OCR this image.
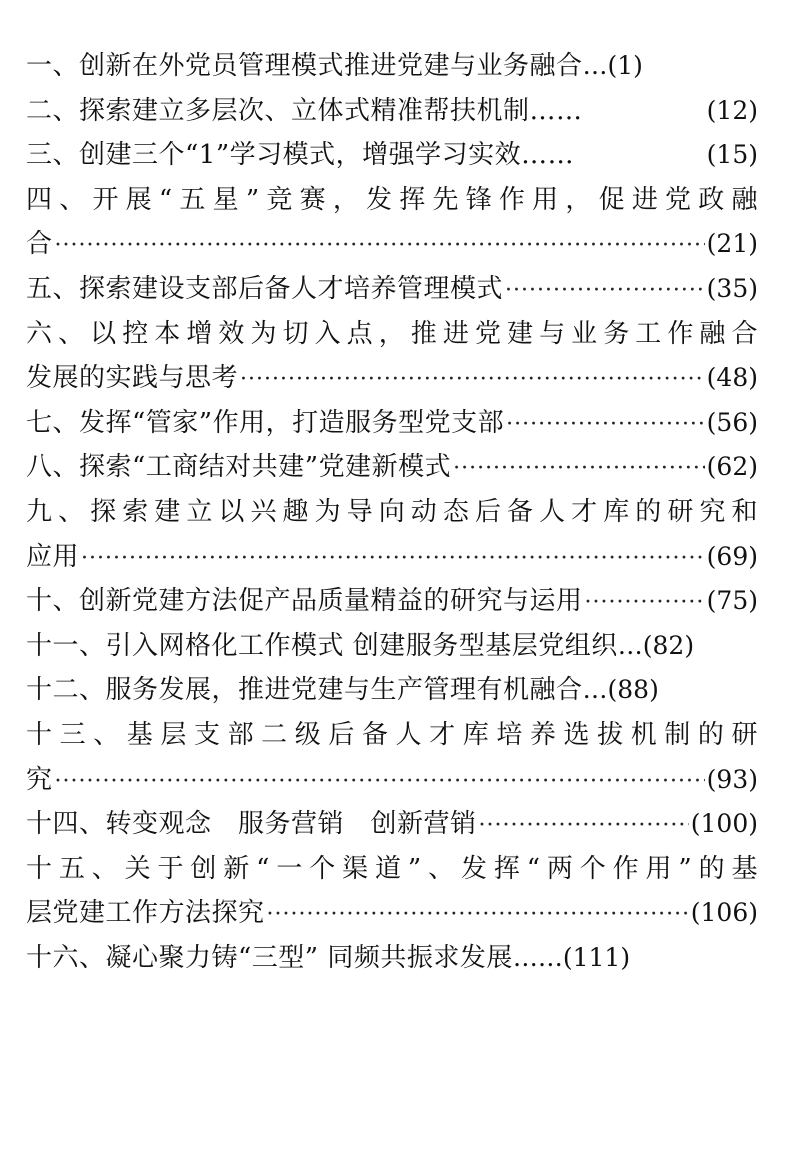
一、创新在外党员管理模式推进党建与业务融合 …(1)
二、探索建立多层次、立体式精准帮扶机制……	(12)
三、创建三个“1”学习模式，增强学习实效……	(15)
四、开展“五星”竞赛，发挥先锋作用，促进党政融
合 ·····	(21)
五、探索建设支部后备人才培养管理模式 ·····	(35)
六、以控本增效为切入点，推进党建与业务工作融合
发展的实践与思考 ·····	(48)
七、发挥“管家”作用，打造服务型党支部 ·····	(56)
八、探索“工商结对共建”党建新模式 ·····	(62)
九、探索建立以兴趣为导向动态后备人才库的研究和
应用 ·····	(69)
十、创新党建方法促产品质量精益的研究与运用 ·····	(75)
十一、引入网格化工作模式 创建服务型基层党组织 …(82)
十二、服务发展，推进党建与生产管理有机融合 …(88)
十三、基层支部二级后备人才库培养选拔机制的研
究 ·····	(93)
十四、转变观念　服务营销　创新营销 ·····	(100)
十五、关于创新“一个渠道”、发挥“两个作用”的基
层党建工作方法探究 ·····	(106)
十六、凝心聚力铸“三型” 同频共振求发展 ……(111)
